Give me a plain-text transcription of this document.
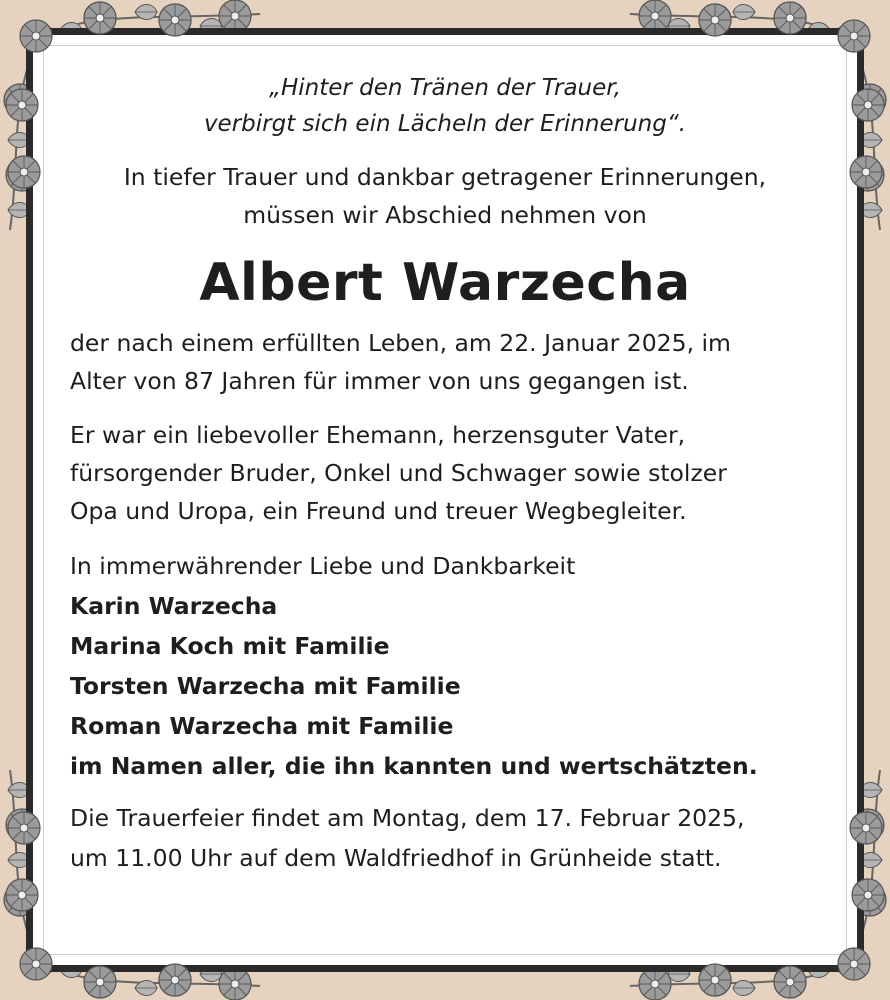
„Hinter den Tränen der Trauer,
verbirgt sich ein Lächeln der Erinnerung“.

In tiefer Trauer und dankbar getragener Erinnerungen,
müssen wir Abschied nehmen von

Albert Warzecha

der nach einem erfüllten Leben, am 22. Januar 2025, im
Alter von 87 Jahren für immer von uns gegangen ist.

Er war ein liebevoller Ehemann, herzensguter Vater,
fürsorgender Bruder, Onkel und Schwager sowie stolzer
Opa und Uropa, ein Freund und treuer Wegbegleiter.

In immerwährender Liebe und Dankbarkeit
Karin Warzecha
Marina Koch mit Familie
Torsten Warzecha mit Familie
Roman Warzecha mit Familie
im Namen aller, die ihn kannten und wertschätzten.

Die Trauerfeier findet am Montag, dem 17. Februar 2025,
um 11.00 Uhr auf dem Waldfriedhof in Grünheide statt.
